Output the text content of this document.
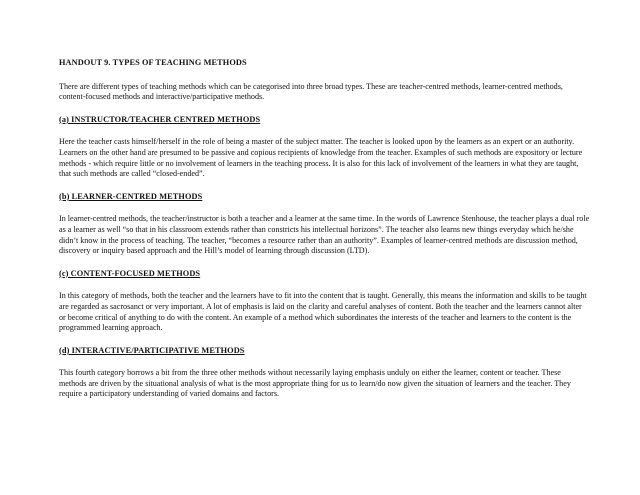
HANDOUT 9. TYPES OF TEACHING METHODS

There are different types of teaching methods which can be categorised into three broad types. These are teacher-centred methods, learner-centred methods, content-focused methods and interactive/participative methods.

(a) INSTRUCTOR/TEACHER CENTRED METHODS

Here the teacher casts himself/herself in the role of being a master of the subject matter. The teacher is looked upon by the learners as an expert or an authority. Learners on the other hand are presumed to be passive and copious recipients of knowledge from the teacher. Examples of such methods are expository or lecture methods - which require little or no involvement of learners in the teaching process. It is also for this lack of involvement of the learners in what they are taught, that such methods are called “closed-ended”.

(b) LEARNER-CENTRED METHODS

In learner-centred methods, the teacher/instructor is both a teacher and a learner at the same time. In the words of Lawrence Stenhouse, the teacher plays a dual role as a learner as well “so that in his classroom extends rather than constricts his intellectual horizons”. The teacher also learns new things everyday which he/she didn’t know in the process of teaching. The teacher, “becomes a resource rather than an authority”. Examples of learner-centred methods are discussion method, discovery or inquiry based approach and the Hill’s model of learning through discussion (LTD).

(c) CONTENT-FOCUSED METHODS

In this category of methods, both the teacher and the learners have to fit into the content that is taught. Generally, this means the information and skills to be taught are regarded as sacrosanct or very important. A lot of emphasis is laid on the clarity and careful analyses of content. Both the teacher and the learners cannot alter or become critical of anything to do with the content. An example of a method which subordinates the interests of the teacher and learners to the content is the programmed learning approach.

(d) INTERACTIVE/PARTICIPATIVE METHODS

This fourth category borrows a bit from the three other methods without necessarily laying emphasis unduly on either the learner, content or teacher. These methods are driven by the situational analysis of what is the most appropriate thing for us to learn/do now given the situation of learners and the teacher. They require a participatory understanding of varied domains and factors.
